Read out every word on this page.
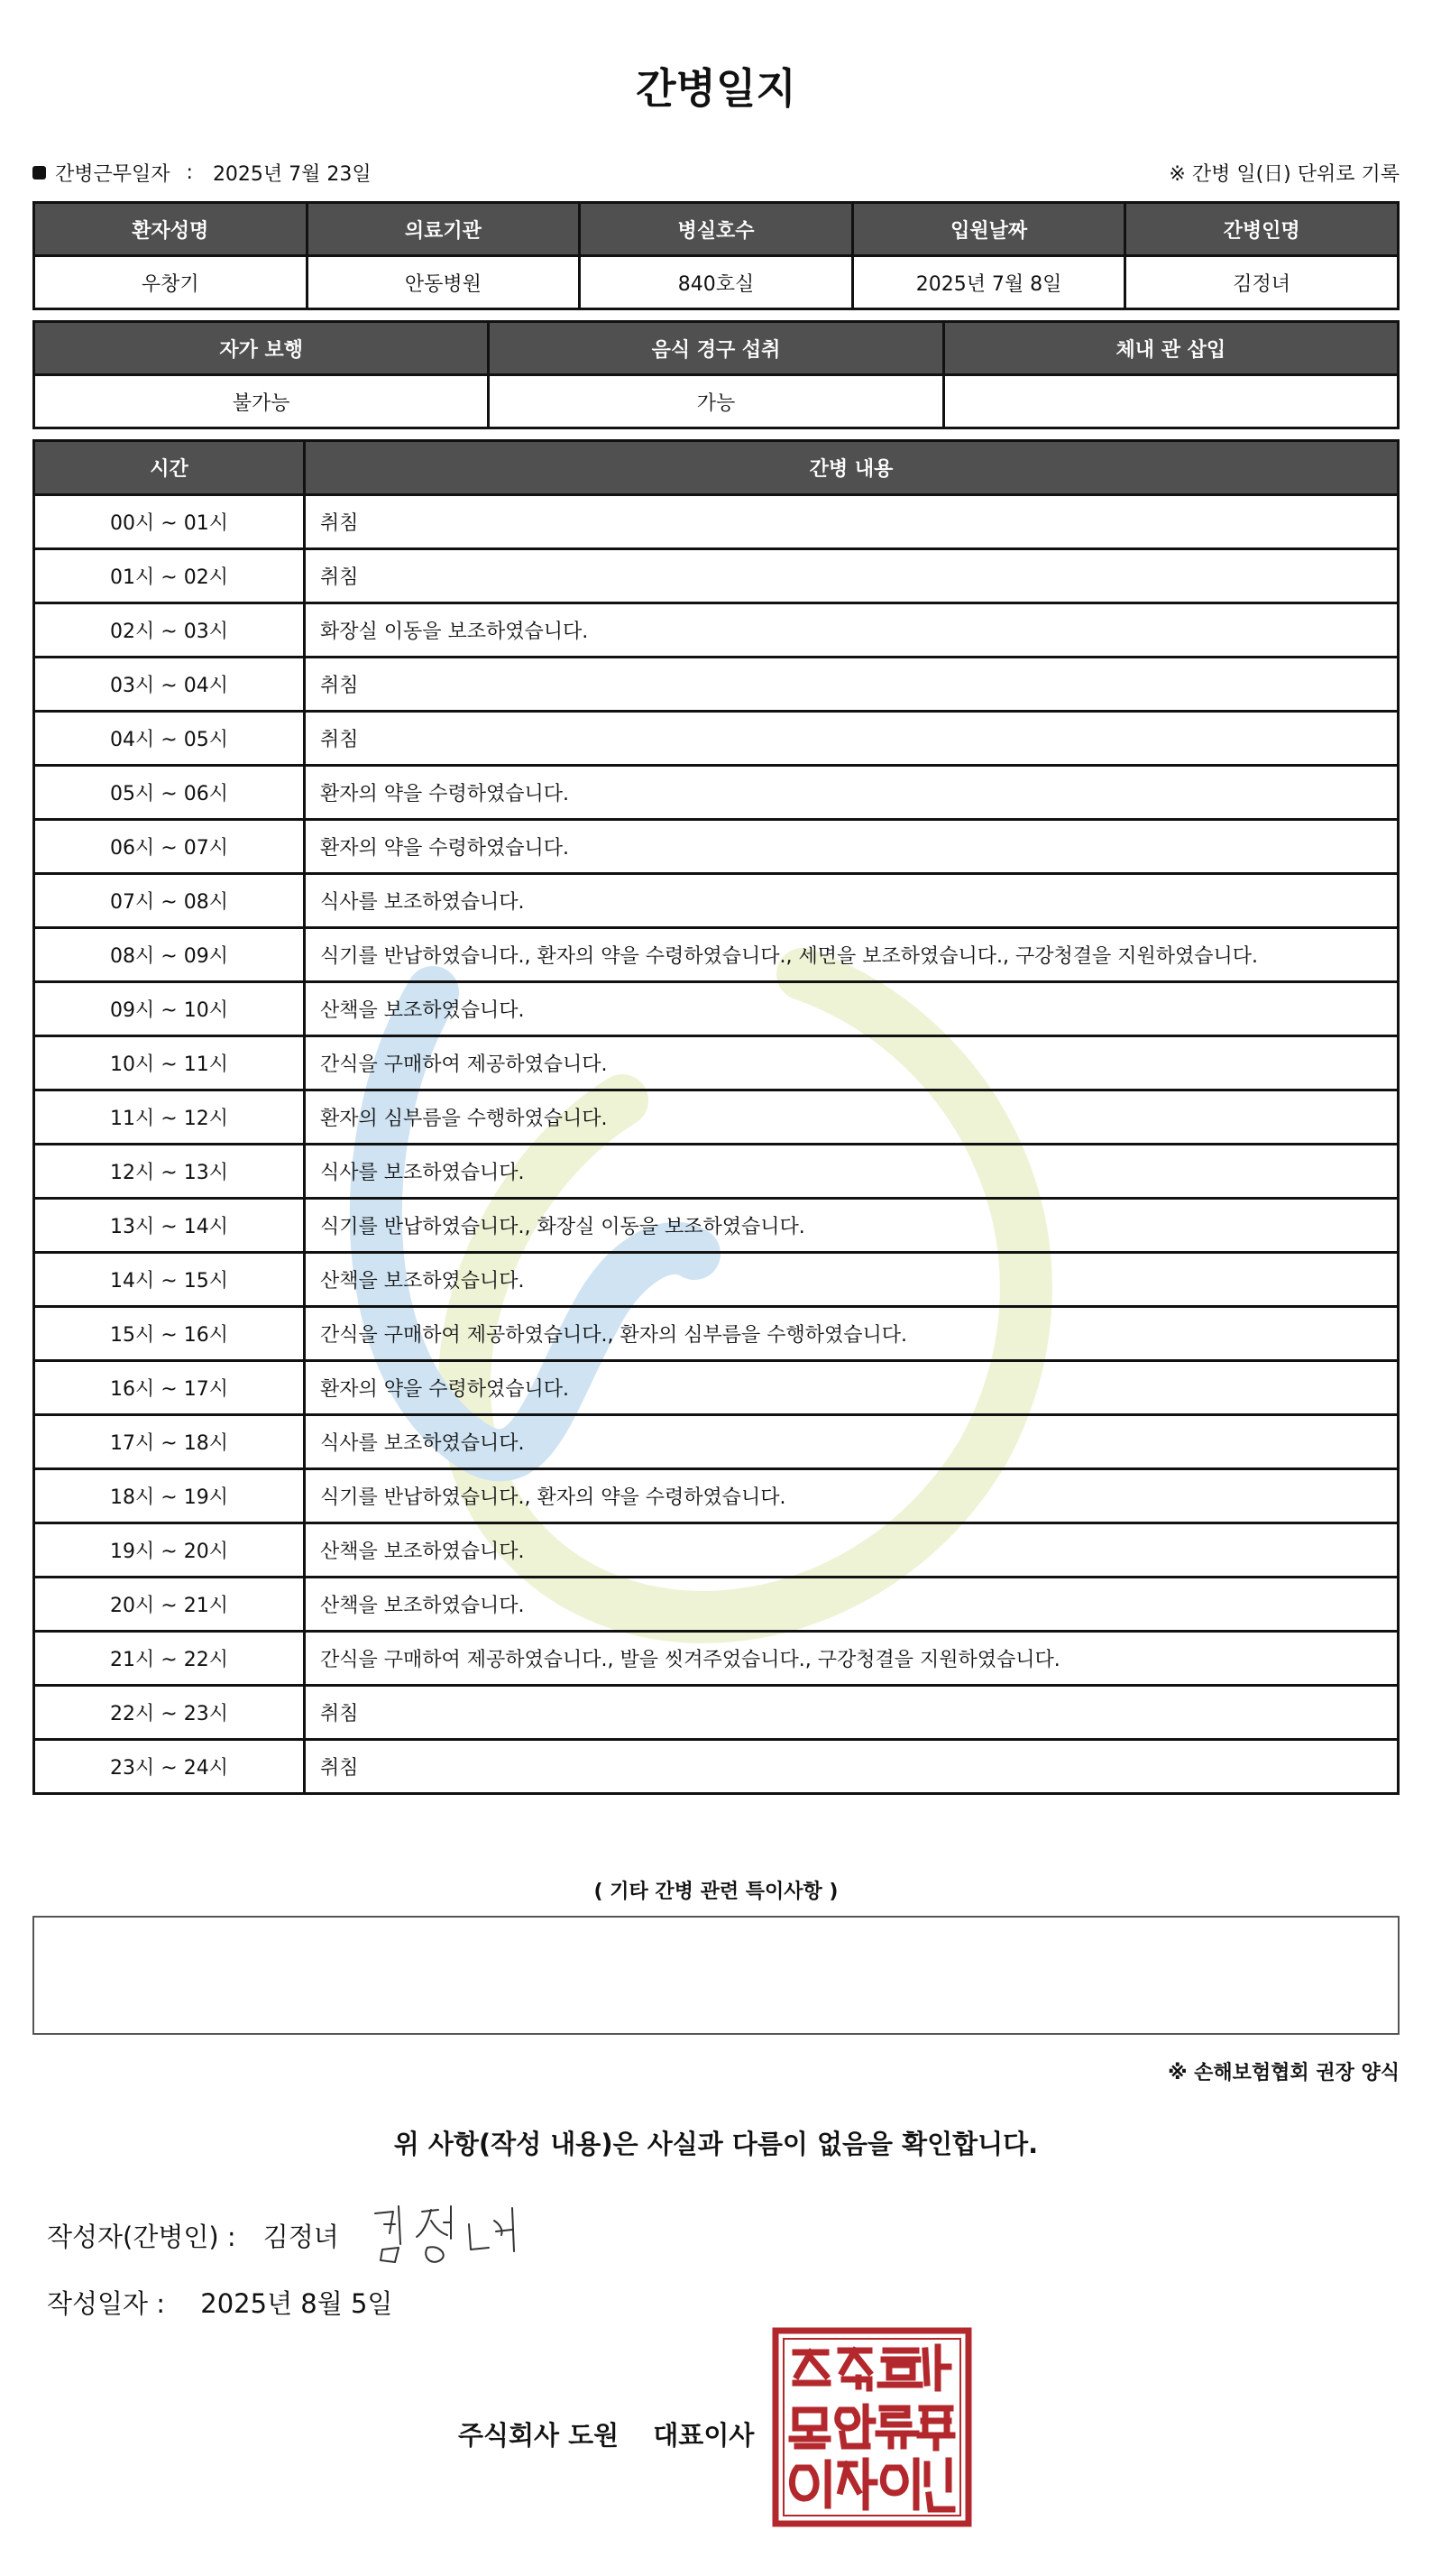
간병일지
간병근무일자 : 2025년 7월 23일	※ 간병 일(日) 단위로 기록
환자성명	의료기관	병실호수	입원날짜	간병인명
우창기	안동병원	840호실	2025년 7월 8일	김정녀
자가 보행	음식 경구 섭취	체내 관 삽입
불가능	가능	
시간	간병 내용
00시 ~ 01시	취침
01시 ~ 02시	취침
02시 ~ 03시	화장실 이동을 보조하였습니다.
03시 ~ 04시	취침
04시 ~ 05시	취침
05시 ~ 06시	환자의 약을 수령하였습니다.
06시 ~ 07시	환자의 약을 수령하였습니다.
07시 ~ 08시	식사를 보조하였습니다.
08시 ~ 09시	식기를 반납하였습니다., 환자의 약을 수령하였습니다., 세면을 보조하였습니다., 구강청결을 지원하였습니다.
09시 ~ 10시	산책을 보조하였습니다.
10시 ~ 11시	간식을 구매하여 제공하였습니다.
11시 ~ 12시	환자의 심부름을 수행하였습니다.
12시 ~ 13시	식사를 보조하였습니다.
13시 ~ 14시	식기를 반납하였습니다., 화장실 이동을 보조하였습니다.
14시 ~ 15시	산책을 보조하였습니다.
15시 ~ 16시	간식을 구매하여 제공하였습니다., 환자의 심부름을 수행하였습니다.
16시 ~ 17시	환자의 약을 수령하였습니다.
17시 ~ 18시	식사를 보조하였습니다.
18시 ~ 19시	식기를 반납하였습니다., 환자의 약을 수령하였습니다.
19시 ~ 20시	산책을 보조하였습니다.
20시 ~ 21시	산책을 보조하였습니다.
21시 ~ 22시	간식을 구매하여 제공하였습니다., 발을 씻겨주었습니다., 구강청결을 지원하였습니다.
22시 ~ 23시	취침
23시 ~ 24시	취침
( 기타 간병 관련 특이사항 )
※ 손해보험협회 권장 양식
위 사항(작성 내용)은 사실과 다름이 없음을 확인합니다.
작성자(간병인) : 김정녀
작성일자 : 2025년 8월 5일
주식회사 도원 대표이사
